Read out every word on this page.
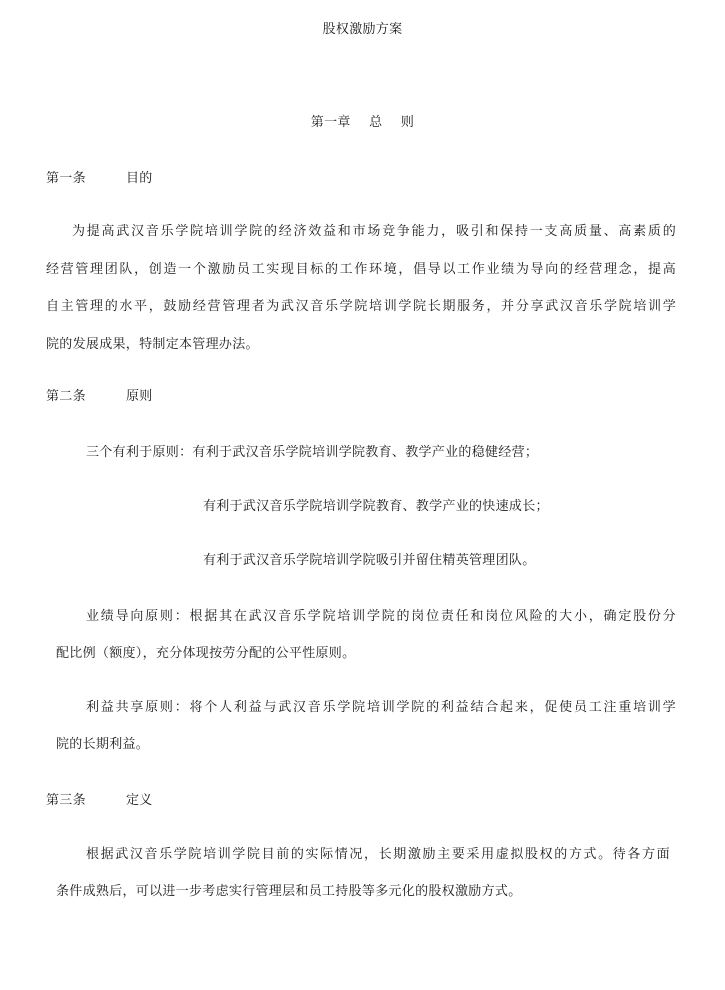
股权激励方案
第一章 总 则
第一条	目的
为提高武汉音乐学院培训学院的经济效益和市场竞争能力，吸引和保持一支高质量、高素质的
经营管理团队，创造一个激励员工实现目标的工作环境，倡导以工作业绩为导向的经营理念，提高
自主管理的水平，鼓励经营管理者为武汉音乐学院培训学院长期服务，并分享武汉音乐学院培训学
院的发展成果，特制定本管理办法。
第二条	原则
三个有利于原则：有利于武汉音乐学院培训学院教育、教学产业的稳健经营；
有利于武汉音乐学院培训学院教育、教学产业的快速成长；
有利于武汉音乐学院培训学院吸引并留住精英管理团队。
业绩导向原则：根据其在武汉音乐学院培训学院的岗位责任和岗位风险的大小，确定股份分
配比例（额度），充分体现按劳分配的公平性原则。
利益共享原则：将个人利益与武汉音乐学院培训学院的利益结合起来，促使员工注重培训学
院的长期利益。
第三条	定义
根据武汉音乐学院培训学院目前的实际情况，长期激励主要采用虚拟股权的方式。待各方面
条件成熟后，可以进一步考虑实行管理层和员工持股等多元化的股权激励方式。
